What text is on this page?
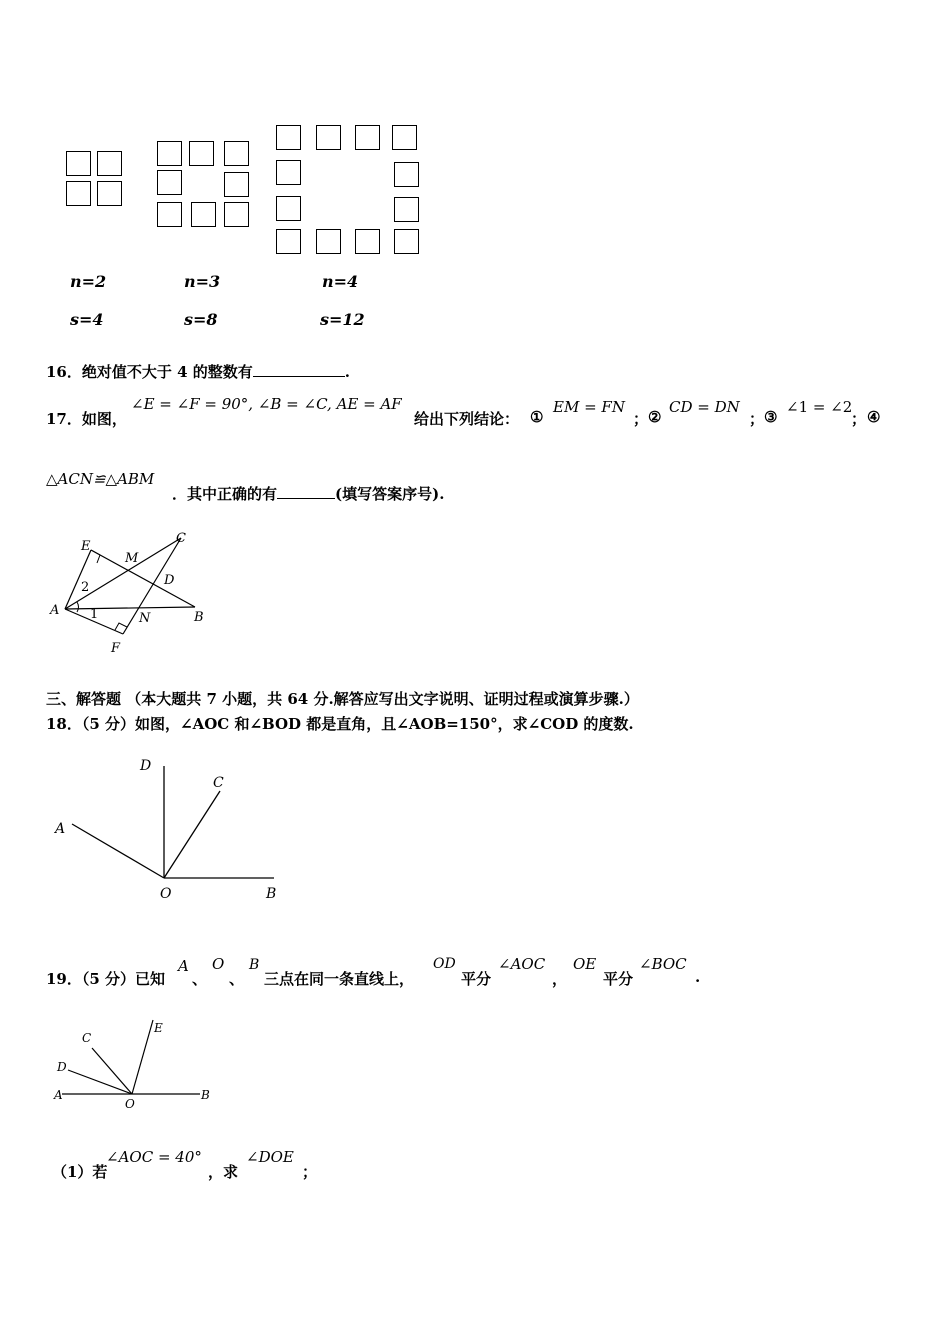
n=2	n=3	n=4
s=4	s=8	s=12
16．绝对值不大于 4 的整数有	.
17．如图，
∠E = ∠F = 90°, ∠B = ∠C, AE = AF
给出下列结论： ①
EM = FN
； ②
CD = DN
； ③
∠1 = ∠2
； ④
△ACN≌△ABM
．其中正确的有	(填写答案序号).
E
M
C
D
A
N	B
F
1
2
三、解答题 （本大题共 7 小题，共 64 分.解答应写出文字说明、证明过程或演算步骤.）
18．（5 分）如图，∠AOC 和∠BOD 都是直角，且∠AOB=150°，求∠COD 的度数.
D
C
A
O	B
19．（5 分）已知
A
、
O
、
B
三点在同一条直线上，
OD
平分
∠AOC
，
OE
平分
∠BOC
.
E
C
D
A
O
B
（1）若
∠AOC = 40°
，求
∠DOE
；
